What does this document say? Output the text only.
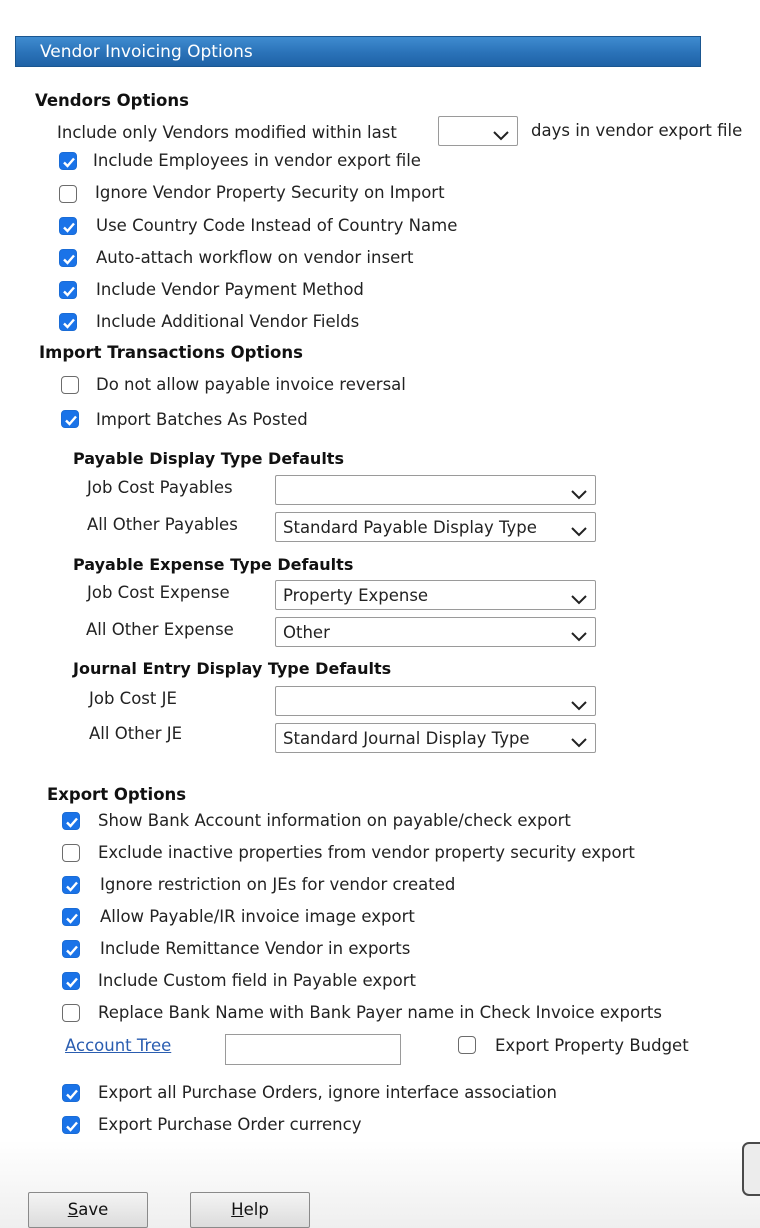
Vendor Invoicing Options
Vendors Options
Include only Vendors modified within last	days in vendor export file
Include Employees in vendor export file
Ignore Vendor Property Security on Import
Use Country Code Instead of Country Name
Auto-attach workflow on vendor insert
Include Vendor Payment Method
Include Additional Vendor Fields
Import Transactions Options
Do not allow payable invoice reversal
Import Batches As Posted
Payable Display Type Defaults
Job Cost Payables
All Other Payables	Standard Payable Display Type
Payable Expense Type Defaults
Job Cost Expense	Property Expense
All Other Expense	Other
Journal Entry Display Type Defaults
Job Cost JE
All Other JE	Standard Journal Display Type
Export Options
Show Bank Account information on payable/check export
Exclude inactive properties from vendor property security export
Ignore restriction on JEs for vendor created
Allow Payable/IR invoice image export
Include Remittance Vendor in exports
Include Custom field in Payable export
Replace Bank Name with Bank Payer name in Check Invoice exports
Account Tree	Export Property Budget
Export all Purchase Orders, ignore interface association
Export Purchase Order currency
Save	Help
